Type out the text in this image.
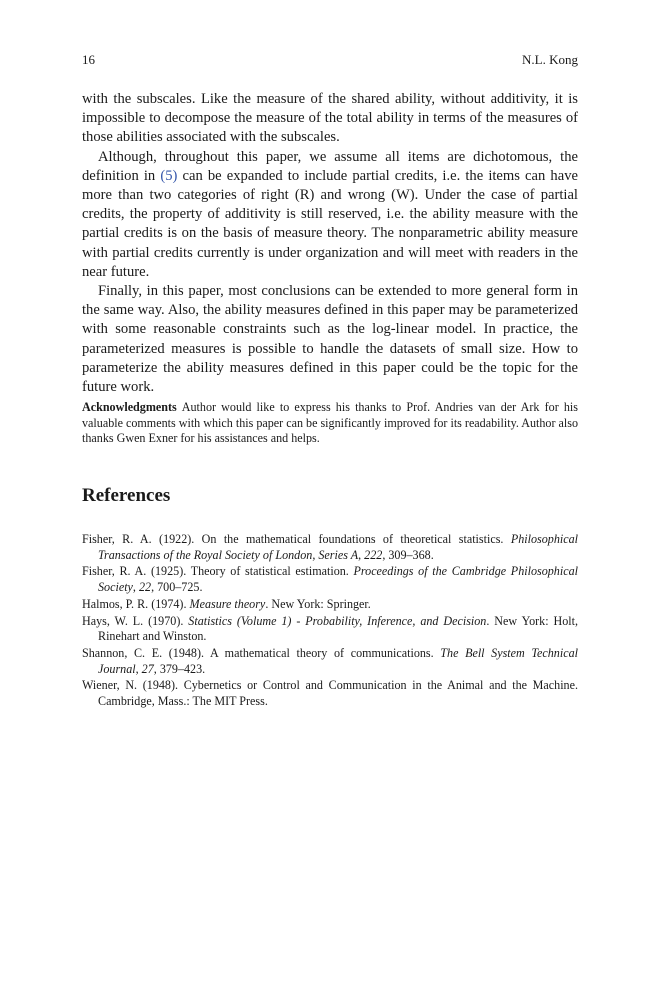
16	N.L. Kong

with the subscales. Like the measure of the shared ability, without additivity, it is impossible to decompose the measure of the total ability in terms of the measures of those abilities associated with the subscales.

Although, throughout this paper, we assume all items are dichotomous, the definition in (5) can be expanded to include partial credits, i.e. the items can have more than two categories of right (R) and wrong (W). Under the case of partial credits, the property of additivity is still reserved, i.e. the ability measure with the partial credits is on the basis of measure theory. The nonparametric ability measure with partial credits currently is under organization and will meet with readers in the near future.

Finally, in this paper, most conclusions can be extended to more general form in the same way. Also, the ability measures defined in this paper may be parameterized with some reasonable constraints such as the log-linear model. In practice, the parameterized measures is possible to handle the datasets of small size. How to parameterize the ability measures defined in this paper could be the topic for the future work.

Acknowledgments Author would like to express his thanks to Prof. Andries van der Ark for his valuable comments with which this paper can be significantly improved for its readability. Author also thanks Gwen Exner for his assistances and helps.

References
Fisher, R. A. (1922). On the mathematical foundations of theoretical statistics. Philosophical Transactions of the Royal Society of London, Series A, 222, 309–368.
Fisher, R. A. (1925). Theory of statistical estimation. Proceedings of the Cambridge Philosophical Society, 22, 700–725.
Halmos, P. R. (1974). Measure theory. New York: Springer.
Hays, W. L. (1970). Statistics (Volume 1) - Probability, Inference, and Decision. New York: Holt, Rinehart and Winston.
Shannon, C. E. (1948). A mathematical theory of communications. The Bell System Technical Journal, 27, 379–423.
Wiener, N. (1948). Cybernetics or Control and Communication in the Animal and the Machine. Cambridge, Mass.: The MIT Press.
